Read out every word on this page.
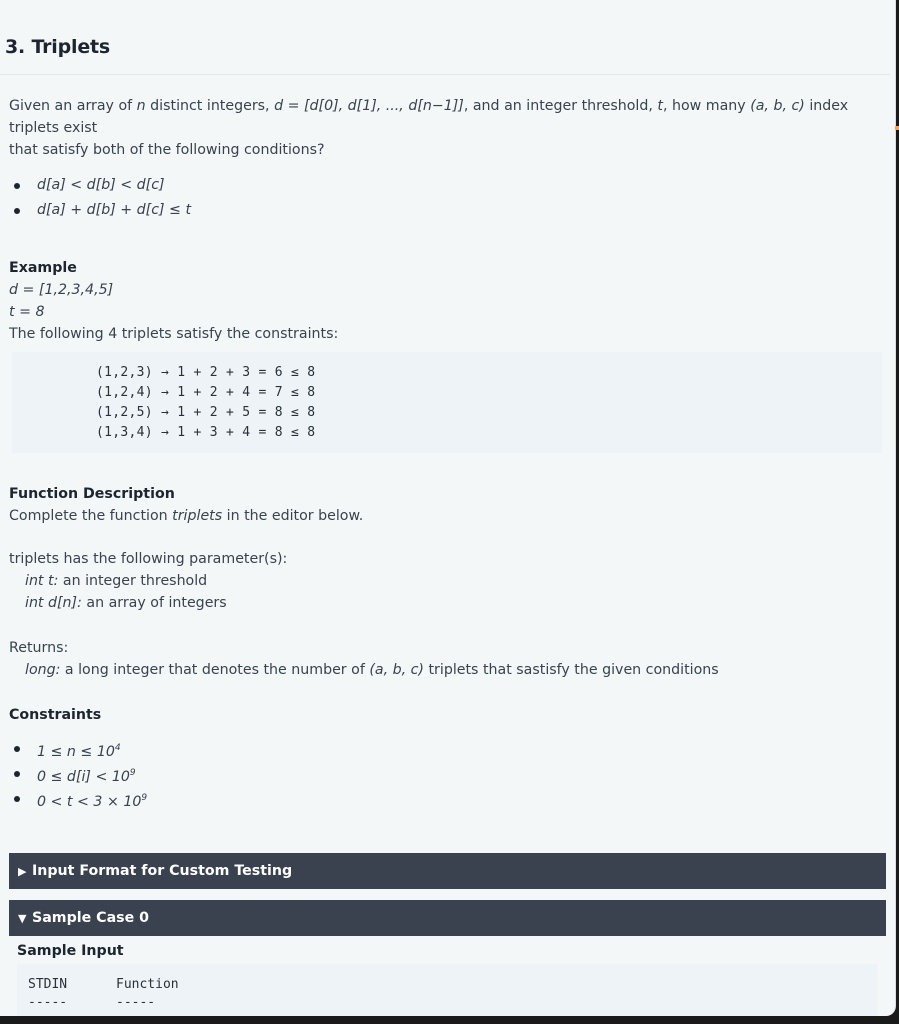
3. Triplets
Given an array of n distinct integers, d = [d[0], d[1], ..., d[n−1]], and an integer threshold, t, how many (a, b, c) index triplets exist
that satisfy both of the following conditions?
d[a] < d[b] < d[c]
d[a] + d[b] + d[c] ≤ t
Example
d = [1,2,3,4,5]
t = 8
The following 4 triplets satisfy the constraints:
(1,2,3) → 1 + 2 + 3 = 6 ≤ 8
(1,2,4) → 1 + 2 + 4 = 7 ≤ 8
(1,2,5) → 1 + 2 + 5 = 8 ≤ 8
(1,3,4) → 1 + 3 + 4 = 8 ≤ 8
Function Description
Complete the function triplets in the editor below.
triplets has the following parameter(s):
int t: an integer threshold
int d[n]: an array of integers
Returns:
long: a long integer that denotes the number of (a, b, c) triplets that sastisfy the given conditions
Constraints
$1 \le n \le 10^4$
$0 \le d[i] < 10^9$
$0 < t < 3 \times 10^9$
▶ Input Format for Custom Testing
▼ Sample Case 0
Sample Input
STDIN	Function
-----	-----
